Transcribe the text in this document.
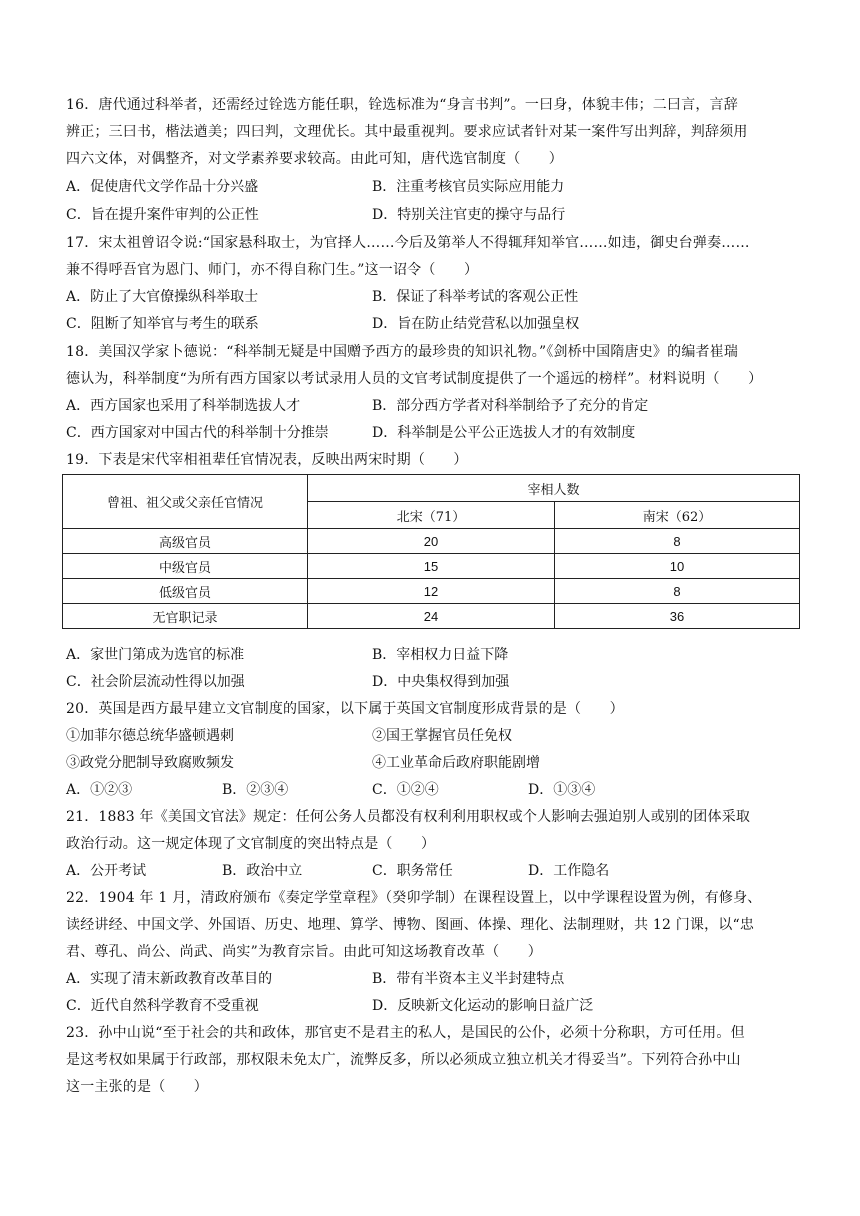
16．唐代通过科举者，还需经过铨选方能任职，铨选标准为“身言书判”。一曰身，体貌丰伟；二曰言，言辞
辨正；三曰书，楷法遒美；四曰判，文理优长。其中最重视判。要求应试者针对某一案件写出判辞，判辞须用
四六文体，对偶整齐，对文学素养要求较高。由此可知，唐代选官制度（　　）
A．促使唐代文学作品十分兴盛	B．注重考核官员实际应用能力
C．旨在提升案件审判的公正性	D．特别关注官吏的操守与品行
17．宋太祖曾诏令说:“国家悬科取士，为官择人……今后及第举人不得辄拜知举官……如违，御史台弹奏……
兼不得呼吾官为恩门、师门，亦不得自称门生。”这一诏令（　　）
A．防止了大官僚操纵科举取士	B．保证了科举考试的客观公正性
C．阻断了知举官与考生的联系	D．旨在防止结党营私以加强皇权
18．美国汉学家卜德说：“科举制无疑是中国赠予西方的最珍贵的知识礼物。”《剑桥中国隋唐史》的编者崔瑞
德认为，科举制度“为所有西方国家以考试录用人员的文官考试制度提供了一个遥远的榜样”。材料说明（　　）
A．西方国家也采用了科举制选拔人才	B．部分西方学者对科举制给予了充分的肯定
C．西方国家对中国古代的科举制十分推崇	D．科举制是公平公正选拔人才的有效制度
19．下表是宋代宰相祖辈任官情况表，反映出两宋时期（　　）
曾祖、祖父或父亲任官情况	宰相人数	
	北宋（71）	南宋（62）
高级官员	20	8
中级官员	15	10
低级官员	12	8
无官职记录	24	36
A．家世门第成为选官的标准	B．宰相权力日益下降
C．社会阶层流动性得以加强	D．中央集权得到加强
20．英国是西方最早建立文官制度的国家，以下属于英国文官制度形成背景的是（　　）
①加菲尔德总统华盛顿遇刺	②国王掌握官员任免权
③政党分肥制导致腐败频发	④工业革命后政府职能剧增
A．①②③	B．②③④	C．①②④	D．①③④
21．1883 年《美国文官法》规定：任何公务人员都没有权利利用职权或个人影响去强迫别人或别的团体采取
政治行动。这一规定体现了文官制度的突出特点是（　　）
A．公开考试	B．政治中立	C．职务常任	D．工作隐名
22．1904 年 1 月，清政府颁布《奏定学堂章程》（癸卯学制）在课程设置上，以中学课程设置为例，有修身、
读经讲经、中国文学、外国语、历史、地理、算学、博物、图画、体操、理化、法制理财，共 12 门课，以“忠
君、尊孔、尚公、尚武、尚实”为教育宗旨。由此可知这场教育改革（　　）
A．实现了清末新政教育改革目的	B．带有半资本主义半封建特点
C．近代自然科学教育不受重视	D．反映新文化运动的影响日益广泛
23．孙中山说“至于社会的共和政体，那官吏不是君主的私人，是国民的公仆，必须十分称职，方可任用。但
是这考权如果属于行政部，那权限未免太广，流弊反多，所以必须成立独立机关才得妥当”。下列符合孙中山
这一主张的是（　　）
